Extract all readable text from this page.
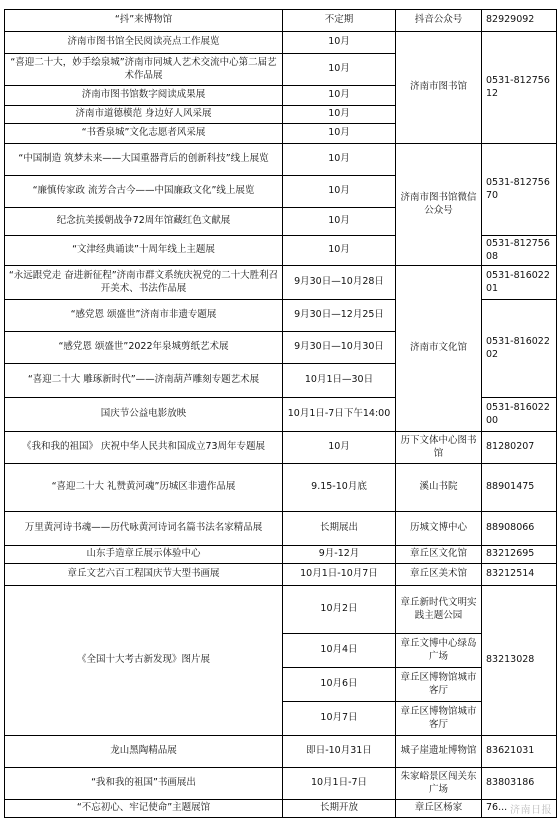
“抖”来博物馆	不定期	抖音公众号	82929092
济南市图书馆全民阅读亮点工作展览	10月	济南市图书馆	0531-81275612
“喜迎二十大，妙手绘泉城”济南市同城人艺术交流中心第二届艺术作品展	10月		
济南市图书馆数字阅读成果展	10月		
济南市道德模范 身边好人风采展	10月		
“书香泉城”文化志愿者风采展	10月		
“中国制造 筑梦未来——大国重器背后的创新科技”线上展览	10月	济南市图书馆微信公众号	0531-81275670
“廉慎传家政 流芳合古今——中国廉政文化”线上展览	10月		
纪念抗美援朝战争72周年馆藏红色文献展	10月		
“文津经典诵读”十周年线上主题展	10月		0531-81275608
“永远跟党走 奋进新征程”济南市群文系统庆祝党的二十大胜利召开美术、书法作品展	9月30日—10月28日	济南市文化馆	0531-81602201
“感党恩 颂盛世”济南市非遗专题展	9月30日—12月25日		0531-81602202
“感党恩 颂盛世”2022年泉城剪纸艺术展	9月30日—10月30日		
“喜迎二十大 雕琢新时代”——济南葫芦雕刻专题艺术展	10月1日—30日		
国庆节公益电影放映	10月1日-7日下午14:00		0531-81602200
《我和我的祖国》 庆祝中华人民共和国成立73周年专题展	10月	历下文体中心图书馆	81280207
“喜迎二十大 礼赞黄河魂”历城区非遗作品展	9.15-10月底	溪山书院	88901475
万里黄河诗书魂——历代咏黄河诗词名篇书法名家精品展	长期展出	历城文博中心	88908066
山东手造章丘展示体验中心	9月-12月	章丘区文化馆	83212695
章丘文艺六百工程国庆节大型书画展	10月1日-10月7日	章丘区美术馆	83212514
《全国十大考古新发现》图片展	10月2日	章丘新时代文明实践主题公园	83213028
	10月4日	章丘文博中心绿岛广场	
	10月6日	章丘区博物馆城市客厅	
	10月7日	章丘区博物馆城市客厅	
龙山黑陶精品展	即日-10月31日	城子崖遗址博物馆	83621031
“我和我的祖国”书画展出	10月1日-7日	朱家峪景区闯关东广场	83803186
“不忘初心、牢记使命”主题展馆	长期开放	章丘区杨家	76... 济南日报
